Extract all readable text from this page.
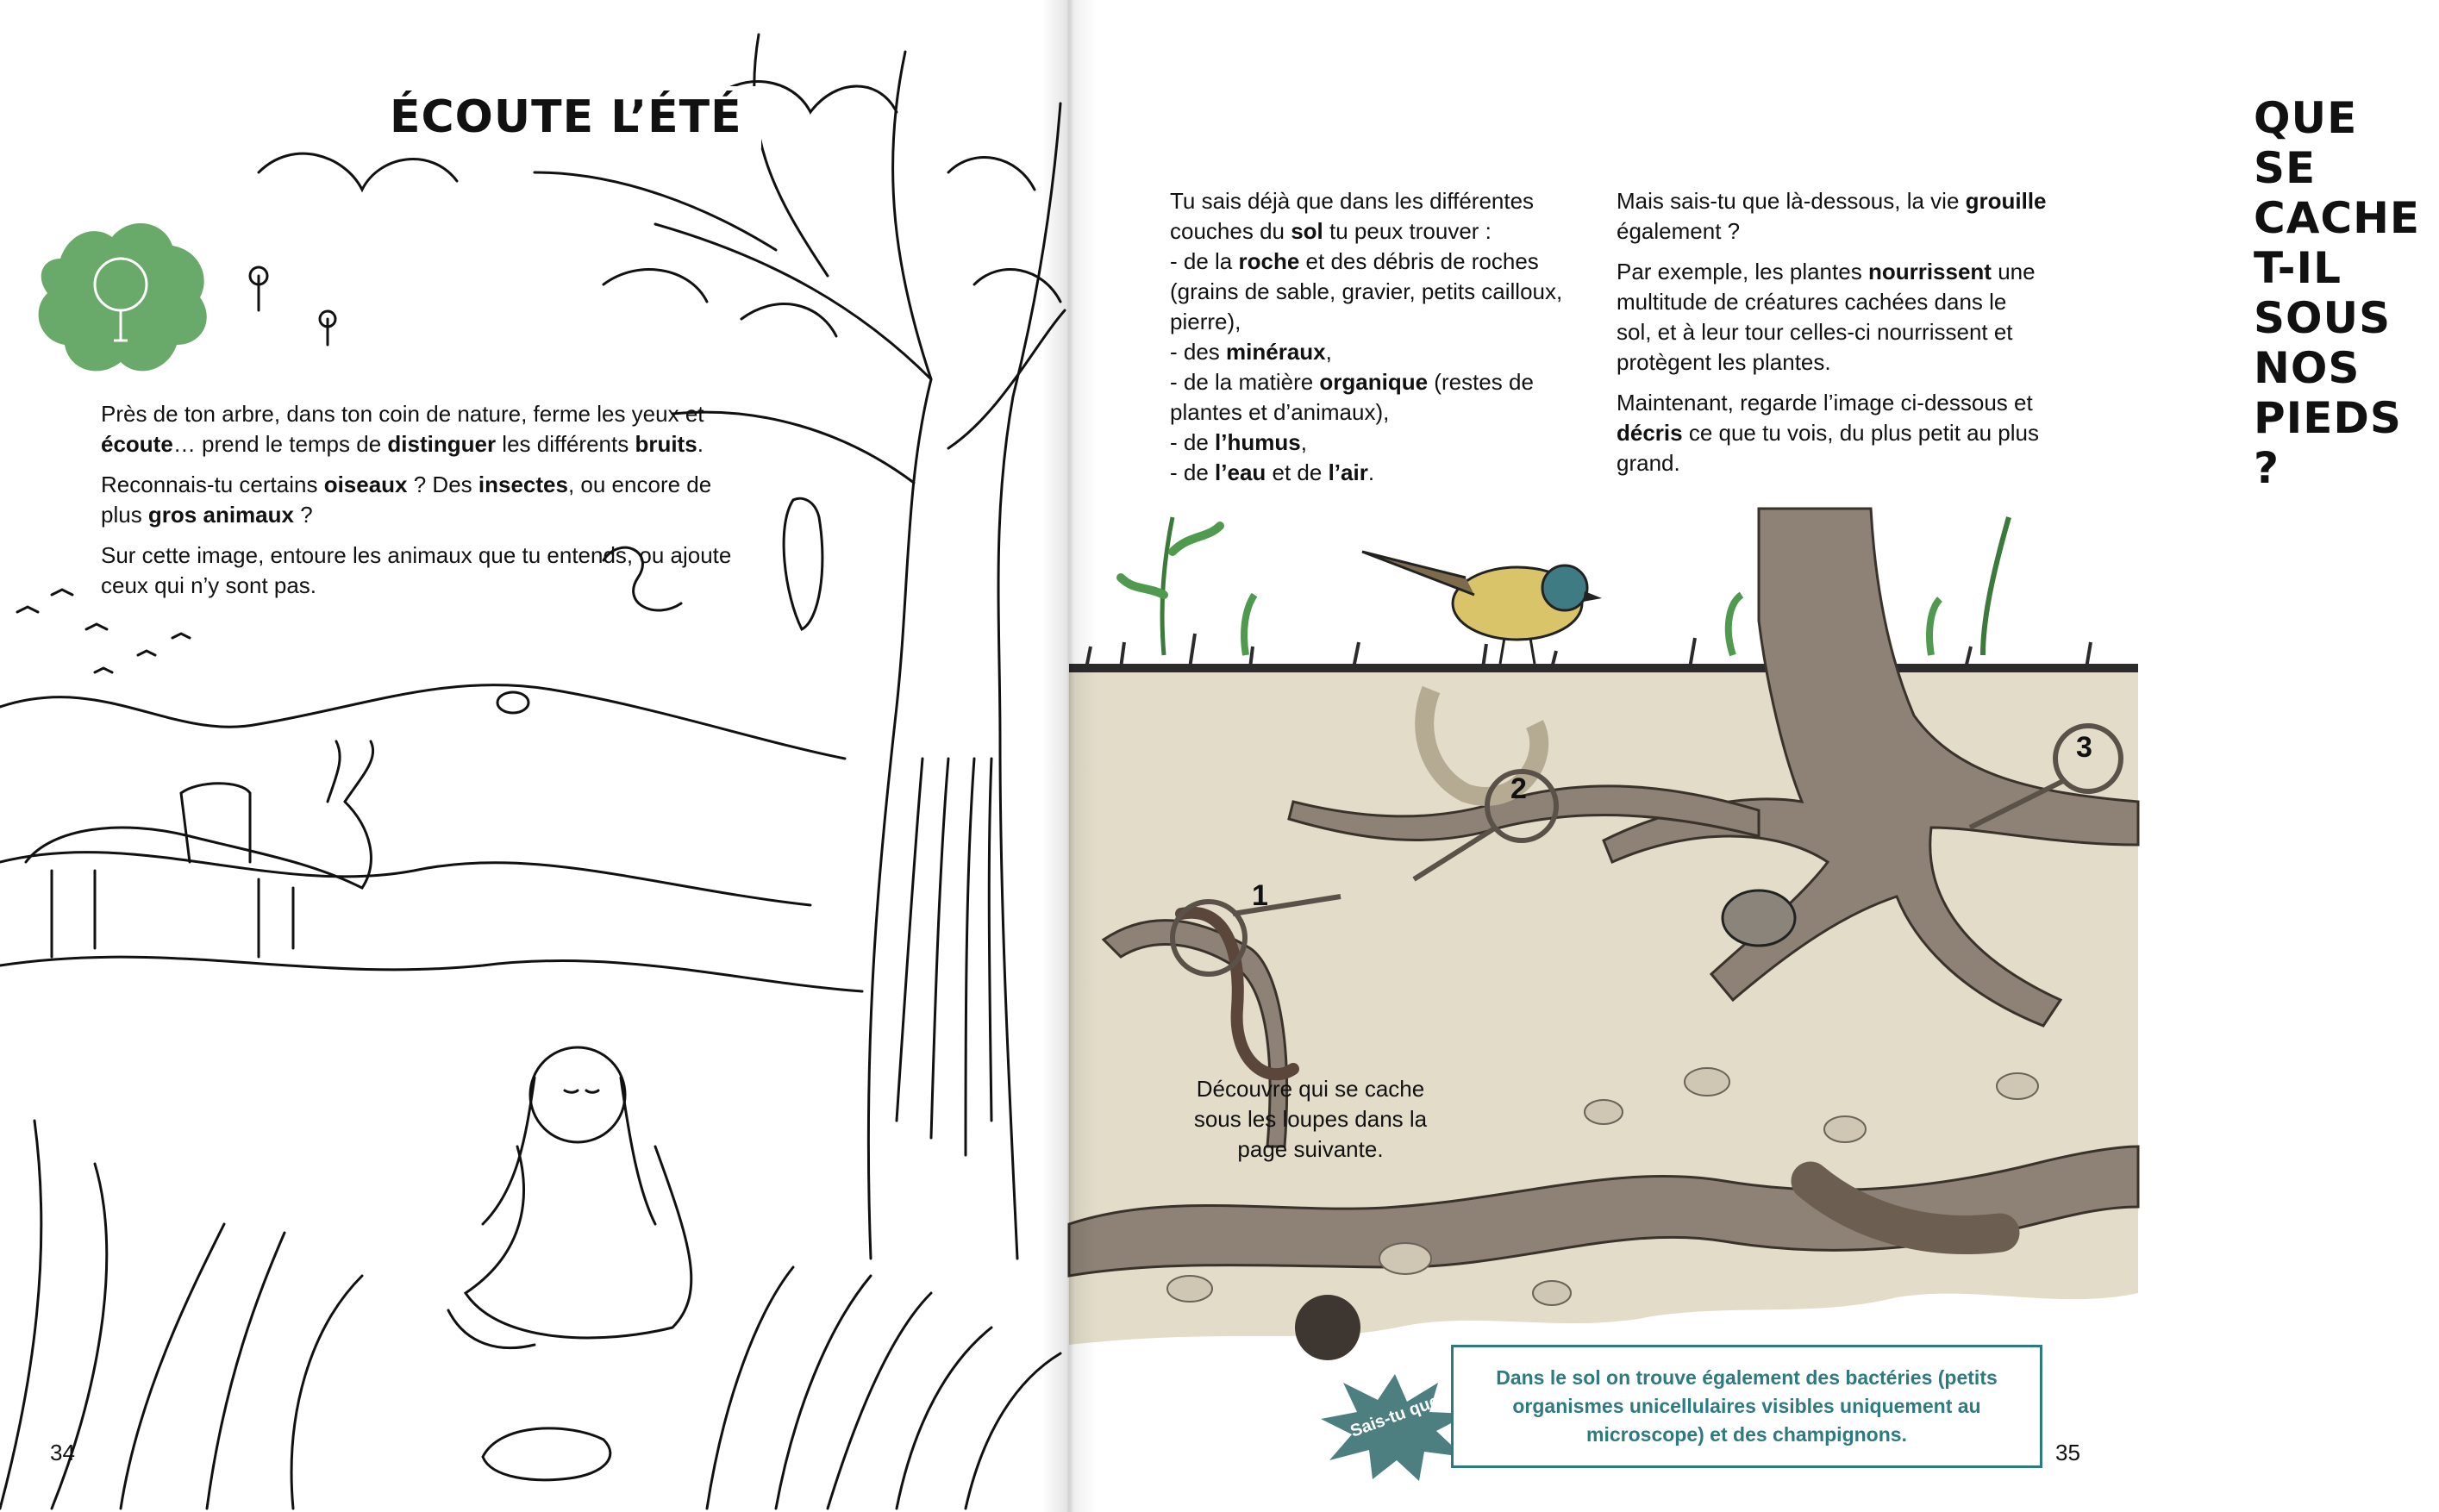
ÉCOUTE L’ÉTÉ

Près de ton arbre, dans ton coin de nature, ferme les yeux et écoute… prend le temps de distinguer les différents bruits.

Reconnais-tu certains oiseaux ? Des insectes, ou encore de plus gros animaux ?

Sur cette image, entoure les animaux que tu entends, ou ajoute ceux qui n’y sont pas.

34
QUE SE CACHE T-IL SOUS NOS PIEDS ?
Tu sais déjà que dans les différentes couches du sol tu peux trouver :
- de la roche et des débris de roches (grains de sable, gravier, petits cailloux, pierre),
- des minéraux,
- de la matière organique (restes de plantes et d’animaux),
- de l’humus,
- de l’eau et de l’air.

Mais sais-tu que là-dessous, la vie grouille également ?

Par exemple, les plantes nourrissent une multitude de créatures cachées dans le sol, et à leur tour celles-ci nourrissent et protègent les plantes.

Maintenant, regarde l’image ci-dessous et décris ce que tu vois, du plus petit au plus grand.

Découvre qui se cache sous les loupes dans la page suivante.
1
2
3
Sais-tu que
Dans le sol on trouve également des bactéries (petits organismes unicellulaires visibles uniquement au microscope) et des champignons.
35
